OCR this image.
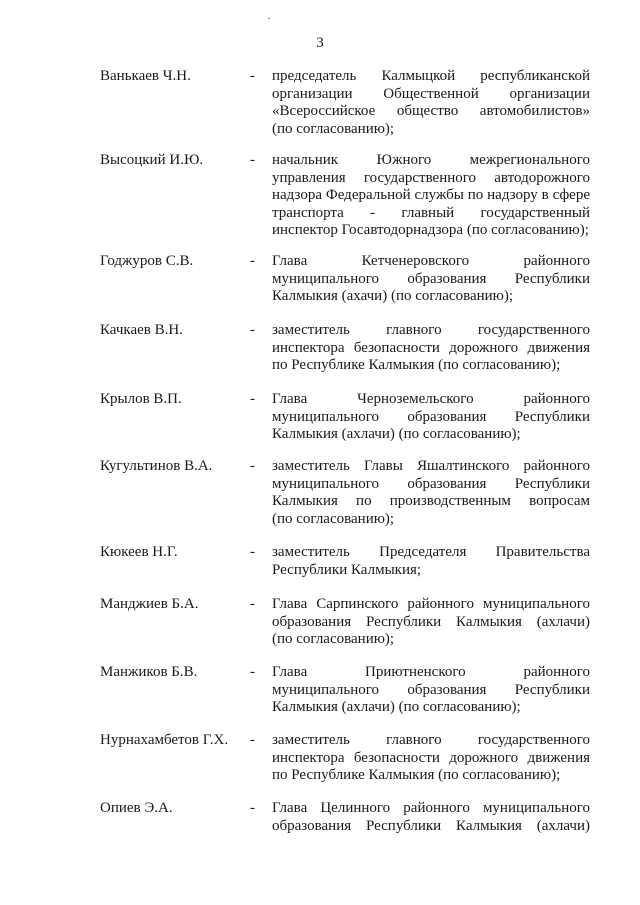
3
Ванькаев Ч.Н.	- председатель Калмыцкой республиканской
организации Общественной организации
«Всероссийское общество автомобилистов»
(по согласованию);
Высоцкий И.Ю.	- начальник Южного межрегионального
управления государственного автодорожного
надзора Федеральной службы по надзору в сфере
транспорта - главный государственный
инспектор Госавтодорнадзора (по согласованию);
Годжуров С.В.	- Глава Кетченеровского районного
муниципального образования Республики
Калмыкия (ахачи) (по согласованию);
Качкаев В.Н.	- заместитель главного государственного
инспектора безопасности дорожного движения
по Республике Калмыкия (по согласованию);
Крылов В.П.	- Глава Черноземельского районного
муниципального образования Республики
Калмыкия (ахлачи) (по согласованию);
Кугультинов В.А.	- заместитель Главы Яшалтинского районного
муниципального образования Республики
Калмыкия по производственным вопросам
(по согласованию);
Кюкеев Н.Г.	- заместитель Председателя Правительства
Республики Калмыкия;
Манджиев Б.А.	- Глава Сарпинского районного муниципального
образования Республики Калмыкия (ахлачи)
(по согласованию);
Манжиков Б.В.	- Глава Приютненского районного
муниципального образования Республики
Калмыкия (ахлачи) (по согласованию);
Нурнахамбетов Г.Х. - заместитель главного государственного
инспектора безопасности дорожного движения
по Республике Калмыкия (по согласованию);
Опиев Э.А.	- Глава Целинного районного муниципального
образования Республики Калмыкия (ахлачи)
